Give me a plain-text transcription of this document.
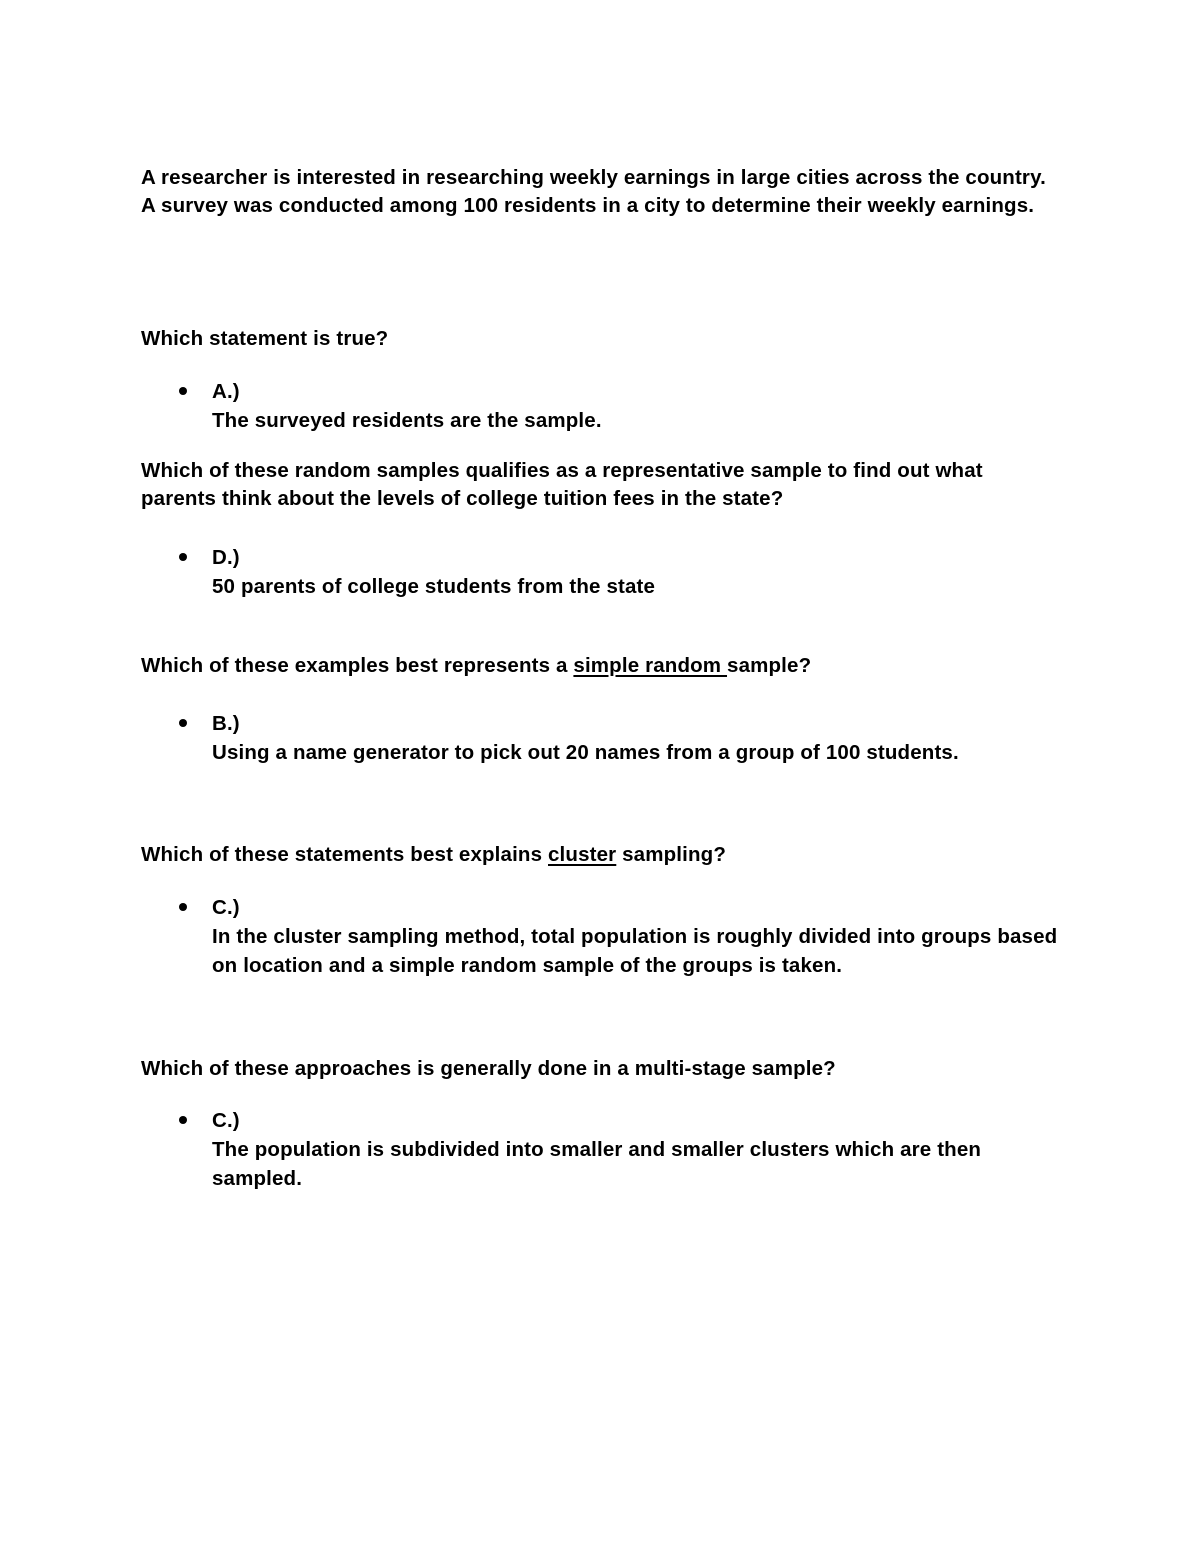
A researcher is interested in researching weekly earnings in large cities across the country. A survey was conducted among 100 residents in a city to determine their weekly earnings.

Which statement is true?

A.)
The surveyed residents are the sample.

Which of these random samples qualifies as a representative sample to find out what parents think about the levels of college tuition fees in the state?

D.)
50 parents of college students from the state

Which of these examples best represents a simple random sample?

B.)
Using a name generator to pick out 20 names from a group of 100 students.

Which of these statements best explains cluster sampling?

C.)
In the cluster sampling method, total population is roughly divided into groups based on location and a simple random sample of the groups is taken.

Which of these approaches is generally done in a multi-stage sample?

C.)
The population is subdivided into smaller and smaller clusters which are then sampled.
